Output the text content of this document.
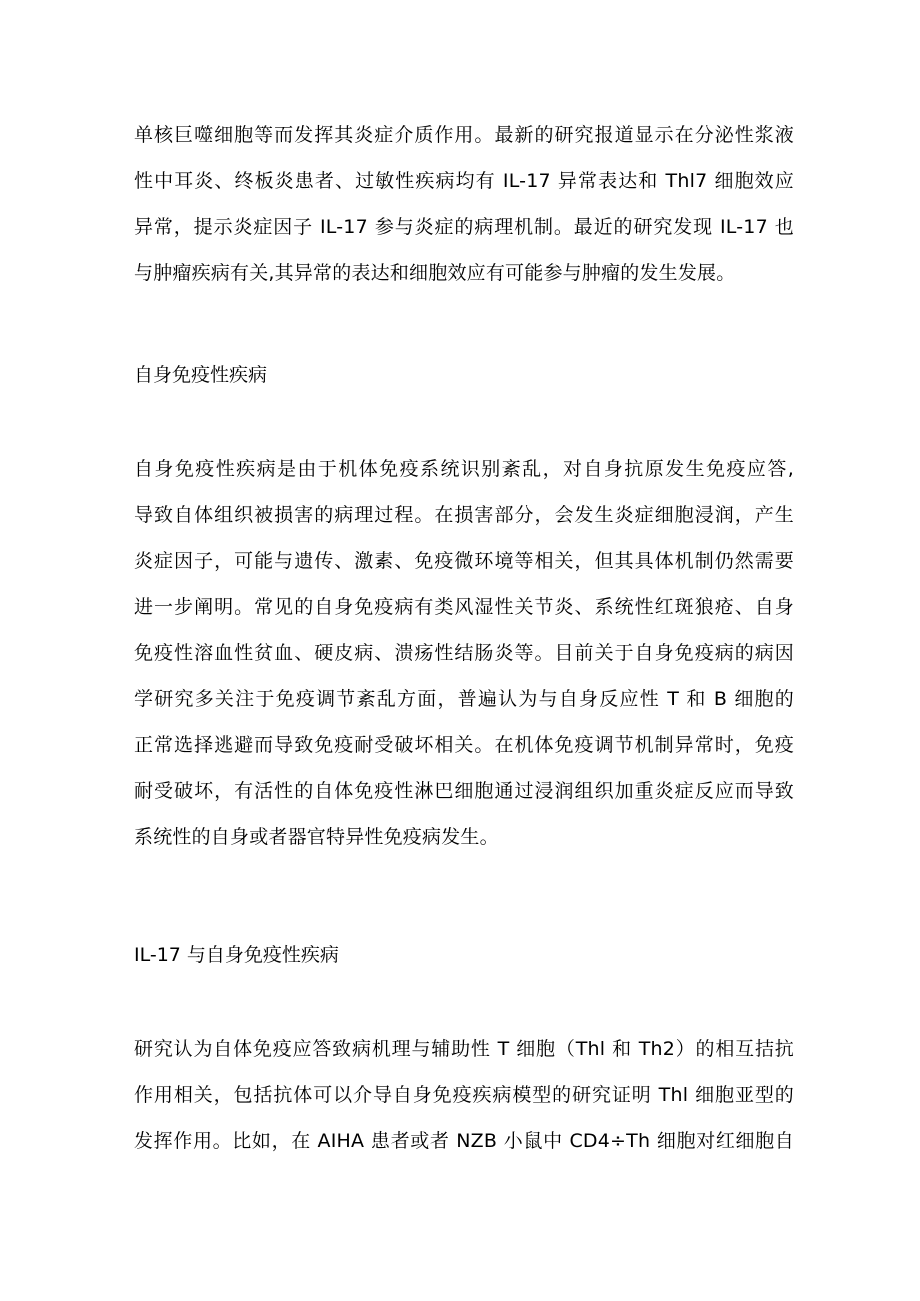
单核巨噬细胞等而发挥其炎症介质作用。最新的研究报道显示在分泌性浆液
性中耳炎、终板炎患者、过敏性疾病均有 IL-17 异常表达和 Thl7 细胞效应
异常，提示炎症因子 IL-17 参与炎症的病理机制。最近的研究发现 IL-17 也
与肿瘤疾病有关,其异常的表达和细胞效应有可能参与肿瘤的发生发展。
自身免疫性疾病
自身免疫性疾病是由于机体免疫系统识别紊乱，对自身抗原发生免疫应答,
导致自体组织被损害的病理过程。在损害部分，会发生炎症细胞浸润，产生
炎症因子，可能与遗传、激素、免疫微环境等相关，但其具体机制仍然需要
进一步阐明。常见的自身免疫病有类风湿性关节炎、系统性红斑狼疮、自身
免疫性溶血性贫血、硬皮病、溃疡性结肠炎等。目前关于自身免疫病的病因
学研究多关注于免疫调节紊乱方面，普遍认为与自身反应性 T 和 B 细胞的
正常选择逃避而导致免疫耐受破坏相关。在机体免疫调节机制异常时，免疫
耐受破坏，有活性的自体免疫性淋巴细胞通过浸润组织加重炎症反应而导致
系统性的自身或者器官特异性免疫病发生。
IL-17 与自身免疫性疾病
研究认为自体免疫应答致病机理与辅助性 T 细胞（Thl 和 Th2）的相互拮抗
作用相关，包括抗体可以介导自身免疫疾病模型的研究证明 Thl 细胞亚型的
发挥作用。比如，在 AIHA 患者或者 NZB 小鼠中 CD4÷Th 细胞对红细胞自
